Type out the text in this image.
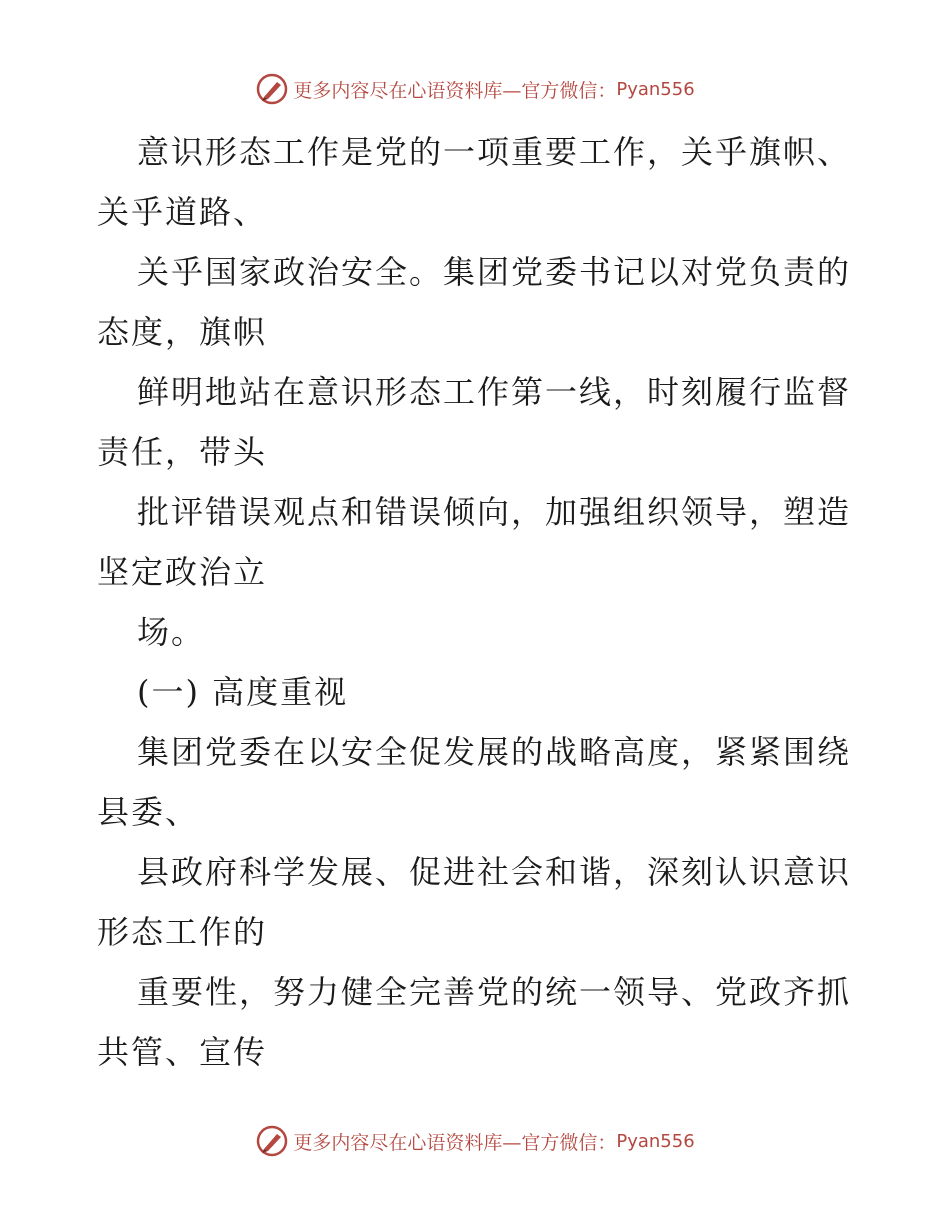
更多内容尽在心语资料库—官方微信： Pyan556
意识形态工作是党的一项重要工作，关乎旗帜、
关乎道路、
关乎国家政治安全。集团党委书记以对党负责的
态度，旗帜
鲜明地站在意识形态工作第一线，时刻履行监督
责任，带头
批评错误观点和错误倾向，加强组织领导，塑造
坚定政治立
场。
(一) 高度重视
集团党委在以安全促发展的战略高度，紧紧围绕
县委、
县政府科学发展、促进社会和谐，深刻认识意识
形态工作的
重要性，努力健全完善党的统一领导、党政齐抓
共管、宣传
更多内容尽在心语资料库—官方微信： Pyan556
